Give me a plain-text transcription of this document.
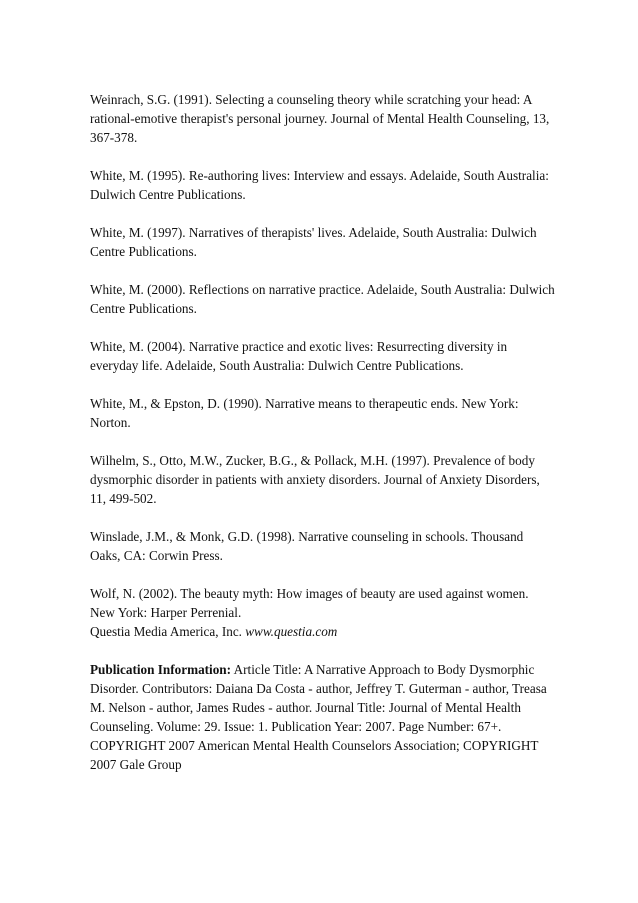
Weinrach, S.G. (1991). Selecting a counseling theory while scratching your head: A
rational-emotive therapist's personal journey. Journal of Mental Health Counseling, 13,
367-378.

White, M. (1995). Re-authoring lives: Interview and essays. Adelaide, South Australia:
Dulwich Centre Publications.

White, M. (1997). Narratives of therapists' lives. Adelaide, South Australia: Dulwich
Centre Publications.

White, M. (2000). Reflections on narrative practice. Adelaide, South Australia: Dulwich
Centre Publications.

White, M. (2004). Narrative practice and exotic lives: Resurrecting diversity in
everyday life. Adelaide, South Australia: Dulwich Centre Publications.

White, M., & Epston, D. (1990). Narrative means to therapeutic ends. New York:
Norton.

Wilhelm, S., Otto, M.W., Zucker, B.G., & Pollack, M.H. (1997). Prevalence of body
dysmorphic disorder in patients with anxiety disorders. Journal of Anxiety Disorders,
11, 499-502.

Winslade, J.M., & Monk, G.D. (1998). Narrative counseling in schools. Thousand
Oaks, CA: Corwin Press.

Wolf, N. (2002). The beauty myth: How images of beauty are used against women.
New York: Harper Perrenial.
Questia Media America, Inc. www.questia.com

Publication Information: Article Title: A Narrative Approach to Body Dysmorphic
Disorder. Contributors: Daiana Da Costa - author, Jeffrey T. Guterman - author, Treasa
M. Nelson - author, James Rudes - author. Journal Title: Journal of Mental Health
Counseling. Volume: 29. Issue: 1. Publication Year: 2007. Page Number: 67+.
COPYRIGHT 2007 American Mental Health Counselors Association; COPYRIGHT
2007 Gale Group
